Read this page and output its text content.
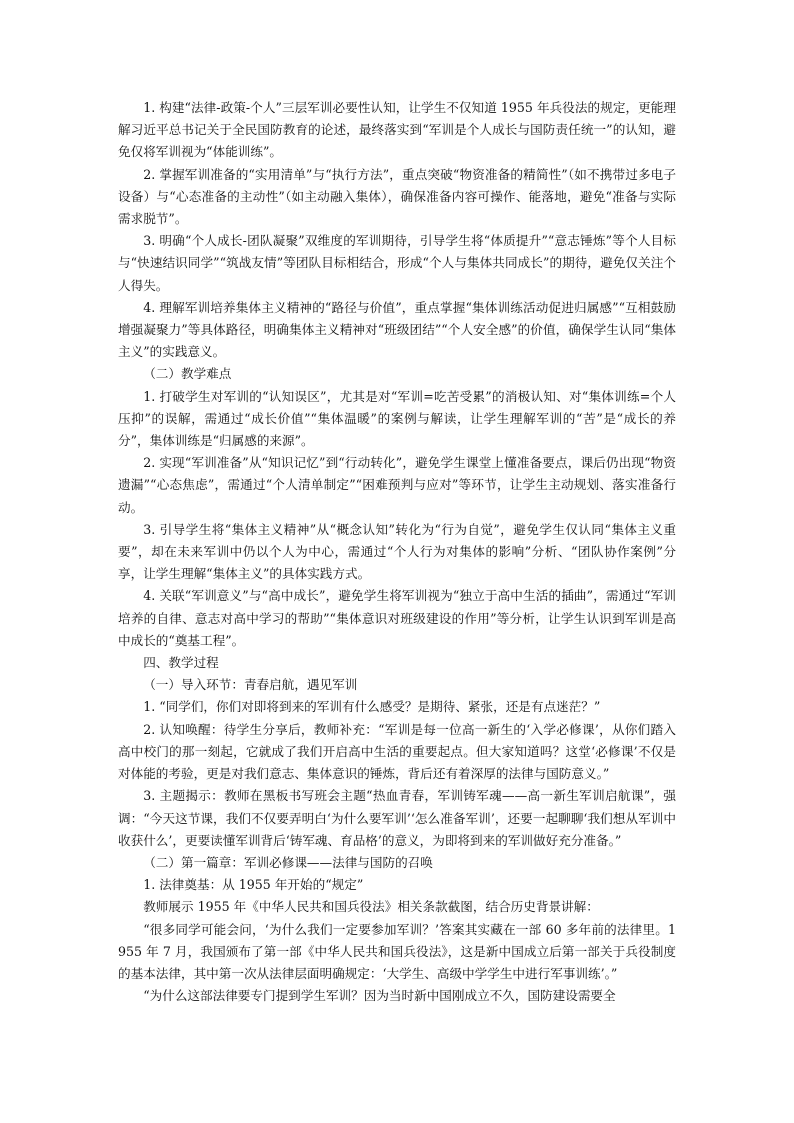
1. 构建“法律-政策-个人”三层军训必要性认知，让学生不仅知道 1955 年兵役法的规定，更能理解习近平总书记关于全民国防教育的论述，最终落实到“军训是个人成长与国防责任统一”的认知，避免仅将军训视为“体能训练”。

2. 掌握军训准备的“实用清单”与“执行方法”，重点突破“物资准备的精简性”（如不携带过多电子设备）与“心态准备的主动性”（如主动融入集体），确保准备内容可操作、能落地，避免“准备与实际需求脱节”。

3. 明确“个人成长-团队凝聚”双维度的军训期待，引导学生将“体质提升”“意志锤炼”等个人目标与“快速结识同学”“筑战友情”等团队目标相结合，形成“个人与集体共同成长”的期待，避免仅关注个人得失。

4. 理解军训培养集体主义精神的“路径与价值”，重点掌握“集体训练活动促进归属感”“互相鼓励增强凝聚力”等具体路径，明确集体主义精神对“班级团结”“个人安全感”的价值，确保学生认同“集体主义”的实践意义。

（二）教学难点

1. 打破学生对军训的“认知误区”，尤其是对“军训=吃苦受累”的消极认知、对“集体训练=个人压抑”的误解，需通过“成长价值”“集体温暖”的案例与解读，让学生理解军训的“苦”是“成长的养分”，集体训练是“归属感的来源”。

2. 实现“军训准备”从“知识记忆”到“行动转化”，避免学生课堂上懂准备要点，课后仍出现“物资遗漏”“心态焦虑”，需通过“个人清单制定”“困难预判与应对”等环节，让学生主动规划、落实准备行动。

3. 引导学生将“集体主义精神”从“概念认知”转化为“行为自觉”，避免学生仅认同“集体主义重要”，却在未来军训中仍以个人为中心，需通过“个人行为对集体的影响”分析、“团队协作案例”分享，让学生理解“集体主义”的具体实践方式。

4. 关联“军训意义”与“高中成长”，避免学生将军训视为“独立于高中生活的插曲”，需通过“军训培养的自律、意志对高中学习的帮助”“集体意识对班级建设的作用”等分析，让学生认识到军训是高中成长的“奠基工程”。

四、教学过程

（一）导入环节：青春启航，遇见军训

1. “同学们，你们对即将到来的军训有什么感受？是期待、紧张，还是有点迷茫？”

2. 认知唤醒：待学生分享后，教师补充：“军训是每一位高一新生的‘入学必修课’，从你们踏入高中校门的那一刻起，它就成了我们开启高中生活的重要起点。但大家知道吗？这堂‘必修课’不仅是对体能的考验，更是对我们意志、集体意识的锤炼，背后还有着深厚的法律与国防意义。”

3. 主题揭示：教师在黑板书写班会主题“热血青春，军训铸军魂——高一新生军训启航课”，强调：“今天这节课，我们不仅要弄明白‘为什么要军训’‘怎么准备军训’，还要一起聊聊‘我们想从军训中收获什么’，更要读懂军训背后‘铸军魂、育品格’的意义，为即将到来的军训做好充分准备。”

（二）第一篇章：军训必修课——法律与国防的召唤

1. 法律奠基：从 1955 年开始的“规定”

教师展示 1955 年《中华人民共和国兵役法》相关条款截图，结合历史背景讲解：

“很多同学可能会问，‘为什么我们一定要参加军训？’答案其实藏在一部 60 多年前的法律里。1955 年 7 月，我国颁布了第一部《中华人民共和国兵役法》，这是新中国成立后第一部关于兵役制度的基本法律，其中第一次从法律层面明确规定：‘大学生、高级中学学生中进行军事训练’。”

“为什么这部法律要专门提到学生军训？因为当时新中国刚成立不久，国防建设需要全
